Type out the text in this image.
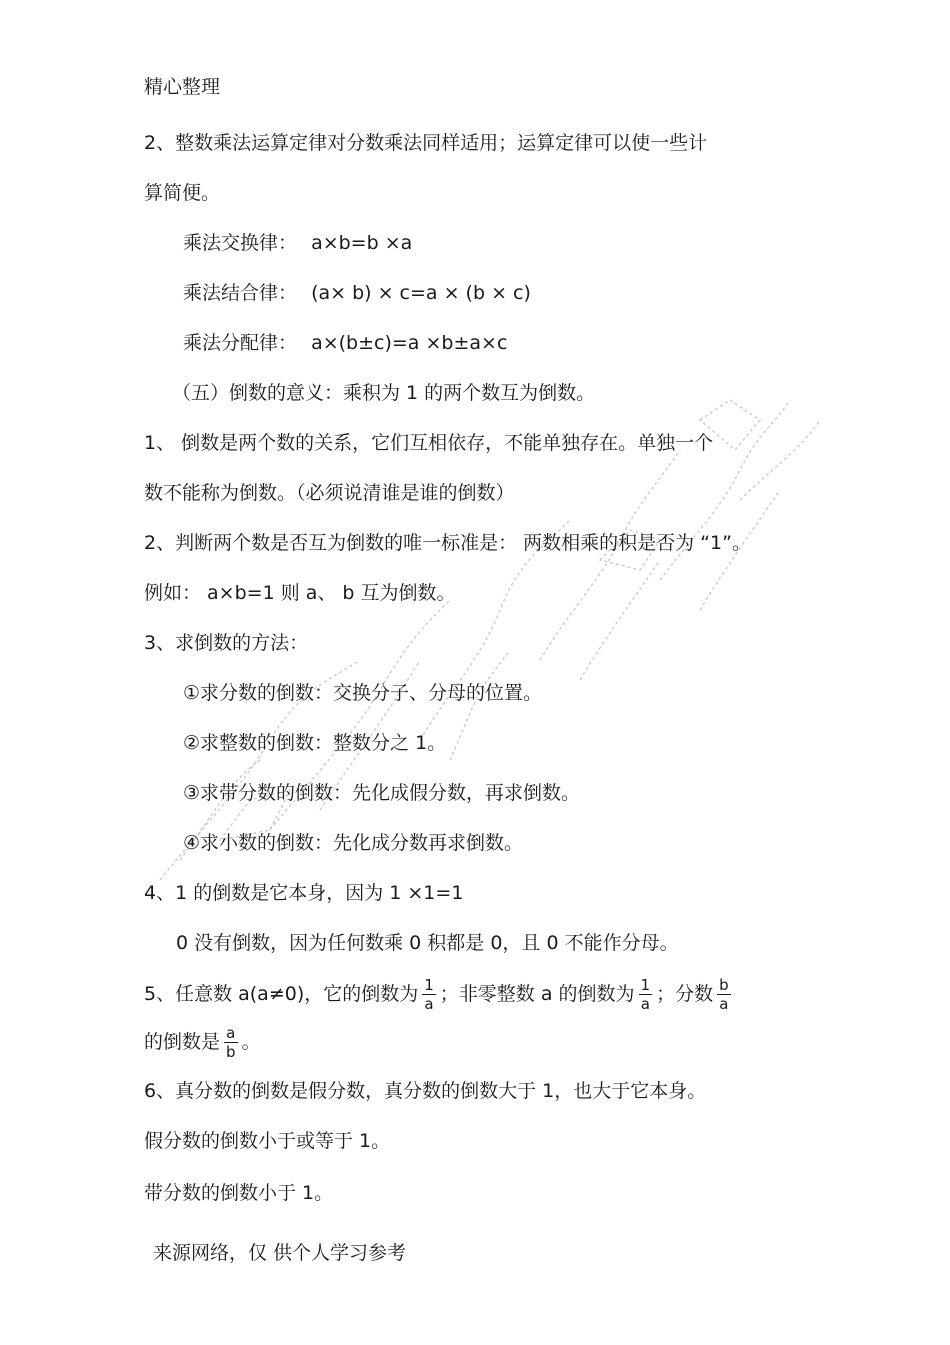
精心整理
2、整数乘法运算定律对分数乘法同样适用；运算定律可以使一些计
算简便。
乘法交换律： a×b=b ×a
乘法结合律： (a× b) × c=a × (b × c)
乘法分配律： a×(b±c)=a ×b±a×c
（五）倒数的意义：乘积为 1 的两个数互为倒数。
1、 倒数是两个数的关系，它们互相依存，不能单独存在。单独一个
数不能称为倒数。（必须说清谁是谁的倒数）
2、判断两个数是否互为倒数的唯一标准是： 两数相乘的积是否为 “1”。
例如： a×b=1 则 a、 b 互为倒数。
3、求倒数的方法：
①求分数的倒数：交换分子、分母的位置。
②求整数的倒数：整数分之 1。
③求带分数的倒数：先化成假分数，再求倒数。
④求小数的倒数：先化成分数再求倒数。
4、1 的倒数是它本身，因为 1 ×1=1
0 没有倒数，因为任何数乘 0 积都是 0，且 0 不能作分母。
5、任意数 a(a≠0)，它的倒数为 $\frac{1}{a}$ ；非零整数 a 的倒数为 $\frac{1}{a}$ ；分数 $\frac{b}{a}$
的倒数是 $\frac{a}{b}$ 。
6、真分数的倒数是假分数，真分数的倒数大于 1，也大于它本身。
假分数的倒数小于或等于 1。
带分数的倒数小于 1。
来源网络，仅 供个人学习参考
